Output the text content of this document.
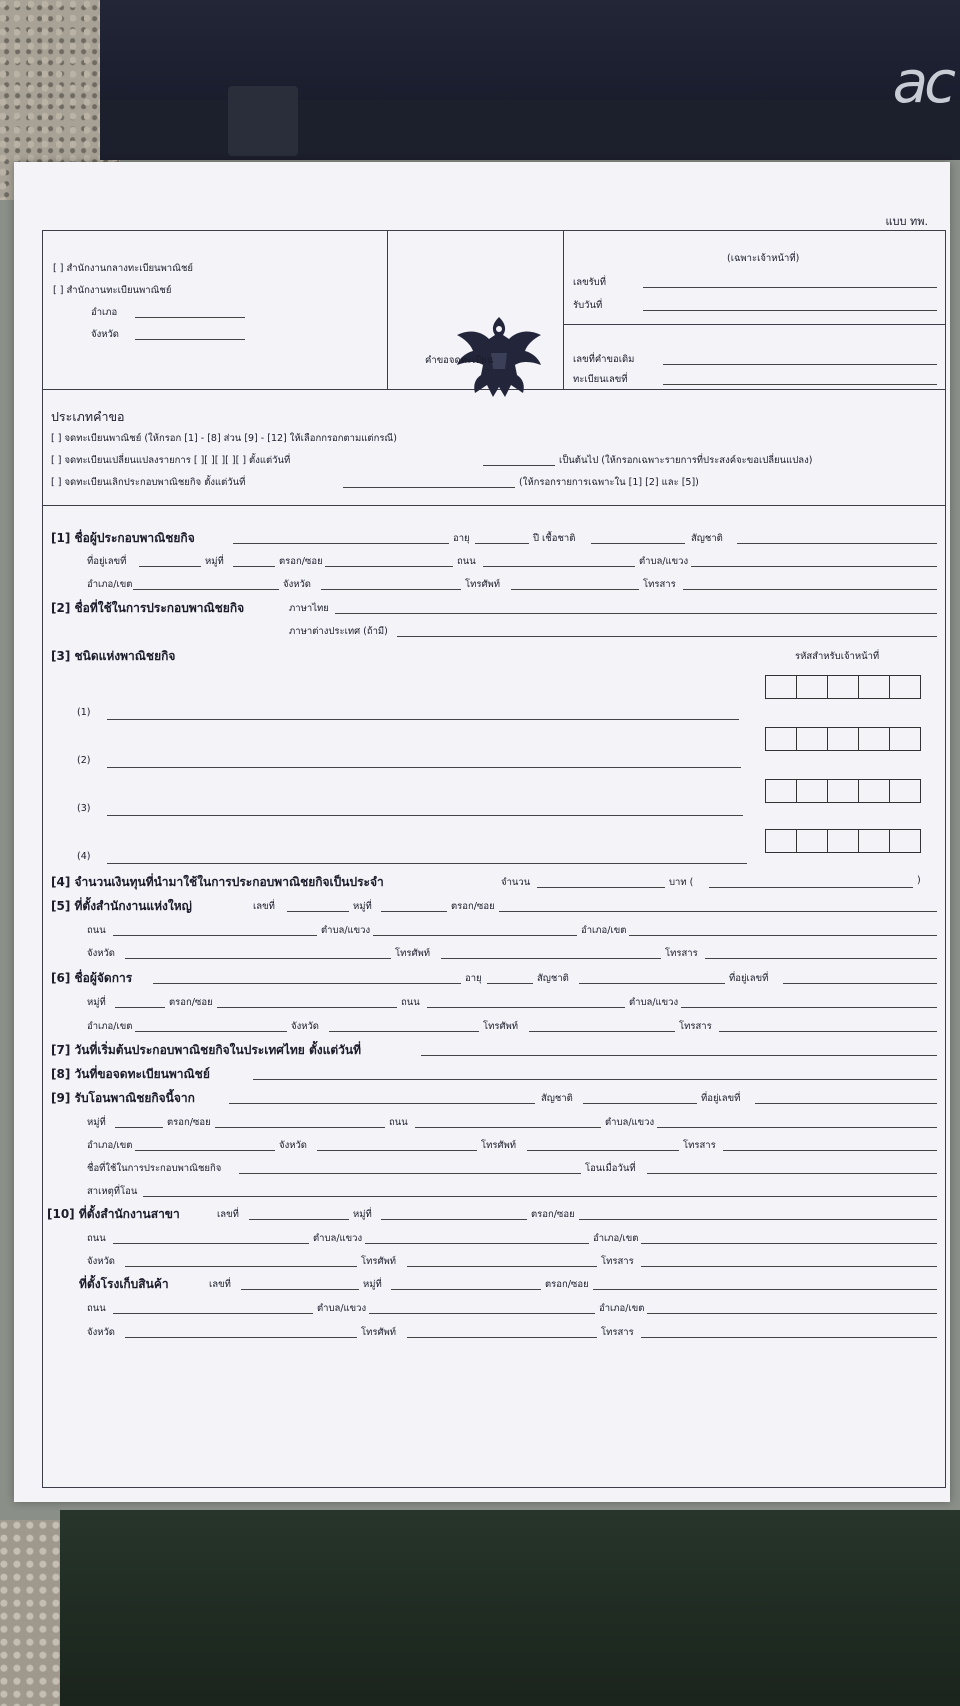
ac
แบบ ทพ.
[ ] สำนักงานกลางทะเบียนพาณิชย์
[ ] สำนักงานทะเบียนพาณิชย์
อำเภอ
จังหวัด
คำขอจดทะเบียน
(เฉพาะเจ้าหน้าที่)
เลขรับที่
รับวันที่
เลขที่คำขอเดิม
ทะเบียนเลขที่
ประเภทคำขอ
[ ] จดทะเบียนพาณิชย์ (ให้กรอก [1] - [8] ส่วน [9] - [12] ให้เลือกกรอกตามแต่กรณี)
[ ] จดทะเบียนเปลี่ยนแปลงรายการ [ ][ ][ ][ ][ ] ตั้งแต่วันที่	เป็นต้นไป (ให้กรอกเฉพาะรายการที่ประสงค์จะขอเปลี่ยนแปลง)
[ ] จดทะเบียนเลิกประกอบพาณิชยกิจ ตั้งแต่วันที่	(ให้กรอกรายการเฉพาะใน [1] [2] และ [5])
[1] ชื่อผู้ประกอบพาณิชยกิจ	อายุ	ปี เชื้อชาติ	สัญชาติ
ที่อยู่เลขที่	หมู่ที่	ตรอก/ซอย	ถนน	ตำบล/แขวง
อำเภอ/เขต	จังหวัด	โทรศัพท์	โทรสาร
[2] ชื่อที่ใช้ในการประกอบพาณิชยกิจ	ภาษาไทย
ภาษาต่างประเทศ (ถ้ามี)
[3] ชนิดแห่งพาณิชยกิจ	รหัสสำหรับเจ้าหน้าที่
(1)
(2)
(3)
(4)
[4] จำนวนเงินทุนที่นำมาใช้ในการประกอบพาณิชยกิจเป็นประจำ	จำนวน	บาท (	)
[5] ที่ตั้งสำนักงานแห่งใหญ่	เลขที่	หมู่ที่	ตรอก/ซอย
ถนน	ตำบล/แขวง	อำเภอ/เขต
จังหวัด	โทรศัพท์	โทรสาร
[6] ชื่อผู้จัดการ	อายุ	สัญชาติ	ที่อยู่เลขที่
หมู่ที่	ตรอก/ซอย	ถนน	ตำบล/แขวง
อำเภอ/เขต	จังหวัด	โทรศัพท์	โทรสาร
[7] วันที่เริ่มต้นประกอบพาณิชยกิจในประเทศไทย ตั้งแต่วันที่
[8] วันที่ขอจดทะเบียนพาณิชย์
[9] รับโอนพาณิชยกิจนี้จาก	สัญชาติ	ที่อยู่เลขที่
หมู่ที่	ตรอก/ซอย	ถนน	ตำบล/แขวง
อำเภอ/เขต	จังหวัด	โทรศัพท์	โทรสาร
ชื่อที่ใช้ในการประกอบพาณิชยกิจ	โอนเมื่อวันที่
สาเหตุที่โอน
[10] ที่ตั้งสำนักงานสาขา	เลขที่	หมู่ที่	ตรอก/ซอย
ถนน	ตำบล/แขวง	อำเภอ/เขต
จังหวัด	โทรศัพท์	โทรสาร
ที่ตั้งโรงเก็บสินค้า	เลขที่	หมู่ที่	ตรอก/ซอย
ถนน	ตำบล/แขวง	อำเภอ/เขต
จังหวัด	โทรศัพท์	โทรสาร
